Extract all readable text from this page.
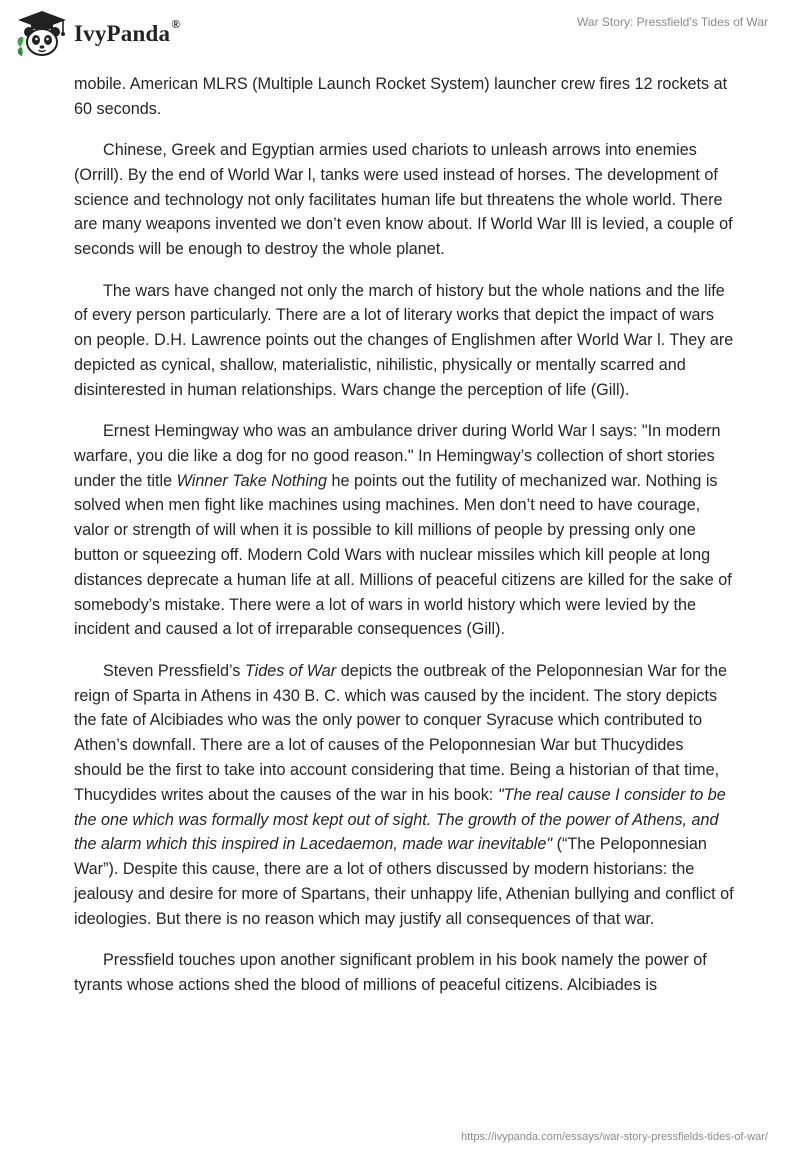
IvyPanda®	War Story: Pressfield’s Tides of War

mobile. American MLRS (Multiple Launch Rocket System) launcher crew fires 12 rockets at 60 seconds.

Chinese, Greek and Egyptian armies used chariots to unleash arrows into enemies (Orrill). By the end of World War l, tanks were used instead of horses. The development of science and technology not only facilitates human life but threatens the whole world. There are many weapons invented we don’t even know about. If World War lll is levied, a couple of seconds will be enough to destroy the whole planet.

The wars have changed not only the march of history but the whole nations and the life of every person particularly. There are a lot of literary works that depict the impact of wars on people. D.H. Lawrence points out the changes of Englishmen after World War l. They are depicted as cynical, shallow, materialistic, nihilistic, physically or mentally scarred and disinterested in human relationships. Wars change the perception of life (Gill).

Ernest Hemingway who was an ambulance driver during World War l says: "In modern warfare, you die like a dog for no good reason." In Hemingway’s collection of short stories under the title Winner Take Nothing he points out the futility of mechanized war. Nothing is solved when men fight like machines using machines. Men don’t need to have courage, valor or strength of will when it is possible to kill millions of people by pressing only one button or squeezing off. Modern Cold Wars with nuclear missiles which kill people at long distances deprecate a human life at all. Millions of peaceful citizens are killed for the sake of somebody’s mistake. There were a lot of wars in world history which were levied by the incident and caused a lot of irreparable consequences (Gill).

Steven Pressfield’s Tides of War depicts the outbreak of the Peloponnesian War for the reign of Sparta in Athens in 430 B. C. which was caused by the incident. The story depicts the fate of Alcibiades who was the only power to conquer Syracuse which contributed to Athen’s downfall. There are a lot of causes of the Peloponnesian War but Thucydides should be the first to take into account considering that time. Being a historian of that time, Thucydides writes about the causes of the war in his book: "The real cause I consider to be the one which was formally most kept out of sight. The growth of the power of Athens, and the alarm which this inspired in Lacedaemon, made war inevitable" (“The Peloponnesian War”). Despite this cause, there are a lot of others discussed by modern historians: the jealousy and desire for more of Spartans, their unhappy life, Athenian bullying and conflict of ideologies. But there is no reason which may justify all consequences of that war.

Pressfield touches upon another significant problem in his book namely the power of tyrants whose actions shed the blood of millions of peaceful citizens. Alcibiades is

https://ivypanda.com/essays/war-story-pressfields-tides-of-war/
